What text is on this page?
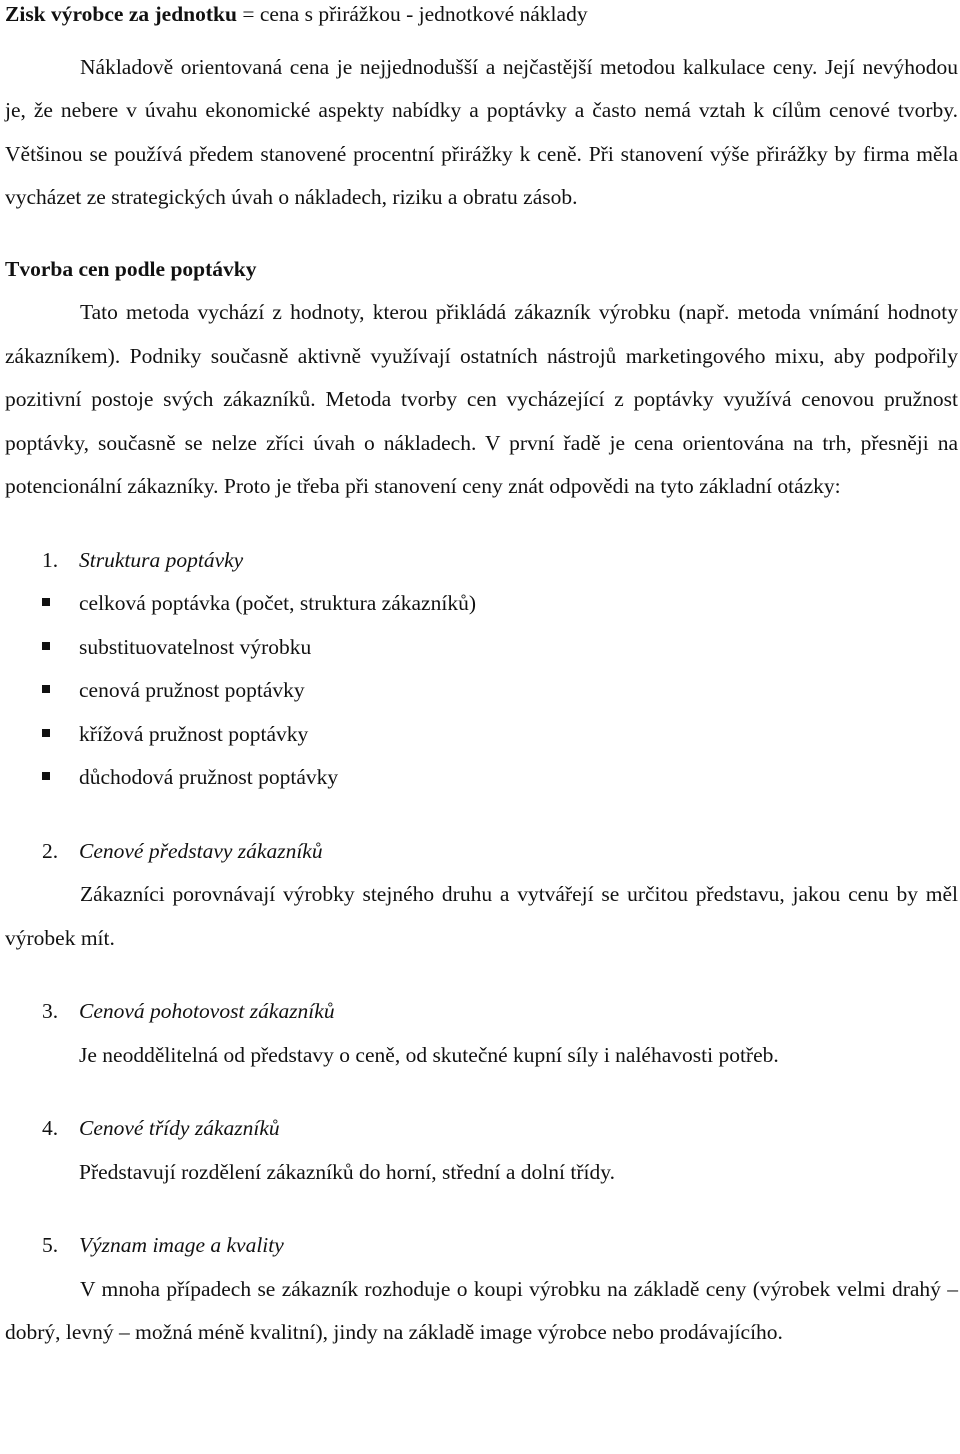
Zisk výrobce za jednotku = cena s přirážkou - jednotkové náklady

Nákladově orientovaná cena je nejjednodušší a nejčastější metodou kalkulace ceny. Její nevýhodou je, že nebere v úvahu ekonomické aspekty nabídky a poptávky a často nemá vztah k cílům cenové tvorby. Většinou se používá předem stanovené procentní přirážky k ceně. Při stanovení výše přirážky by firma měla vycházet ze strategických úvah o nákladech, riziku a obratu zásob.

Tvorba cen podle poptávky

Tato metoda vychází z hodnoty, kterou přikládá zákazník výrobku (např. metoda vnímání hodnoty zákazníkem). Podniky současně aktivně využívají ostatních nástrojů marketingového mixu, aby podpořily pozitivní postoje svých zákazníků. Metoda tvorby cen vycházející z poptávky využívá cenovou pružnost poptávky, současně se nelze zříci úvah o nákladech. V první řadě je cena orientována na trh, přesněji na potencionální zákazníky. Proto je třeba při stanovení ceny znát odpovědi na tyto základní otázky:

1. Struktura poptávky
celková poptávka (počet, struktura zákazníků)
substituovatelnost výrobku
cenová pružnost poptávky
křížová pružnost poptávky
důchodová pružnost poptávky
2. Cenové představy zákazníků

Zákazníci porovnávají výrobky stejného druhu a vytvářejí se určitou představu, jakou cenu by měl výrobek mít.

3. Cenová pohotovost zákazníků

Je neoddělitelná od představy o ceně, od skutečné kupní síly i naléhavosti potřeb.

4. Cenové třídy zákazníků

Představují rozdělení zákazníků do horní, střední a dolní třídy.

5. Význam image a kvality

V mnoha případech se zákazník rozhoduje o koupi výrobku na základě ceny (výrobek velmi drahý – dobrý, levný – možná méně kvalitní), jindy na základě image výrobce nebo prodávajícího.
